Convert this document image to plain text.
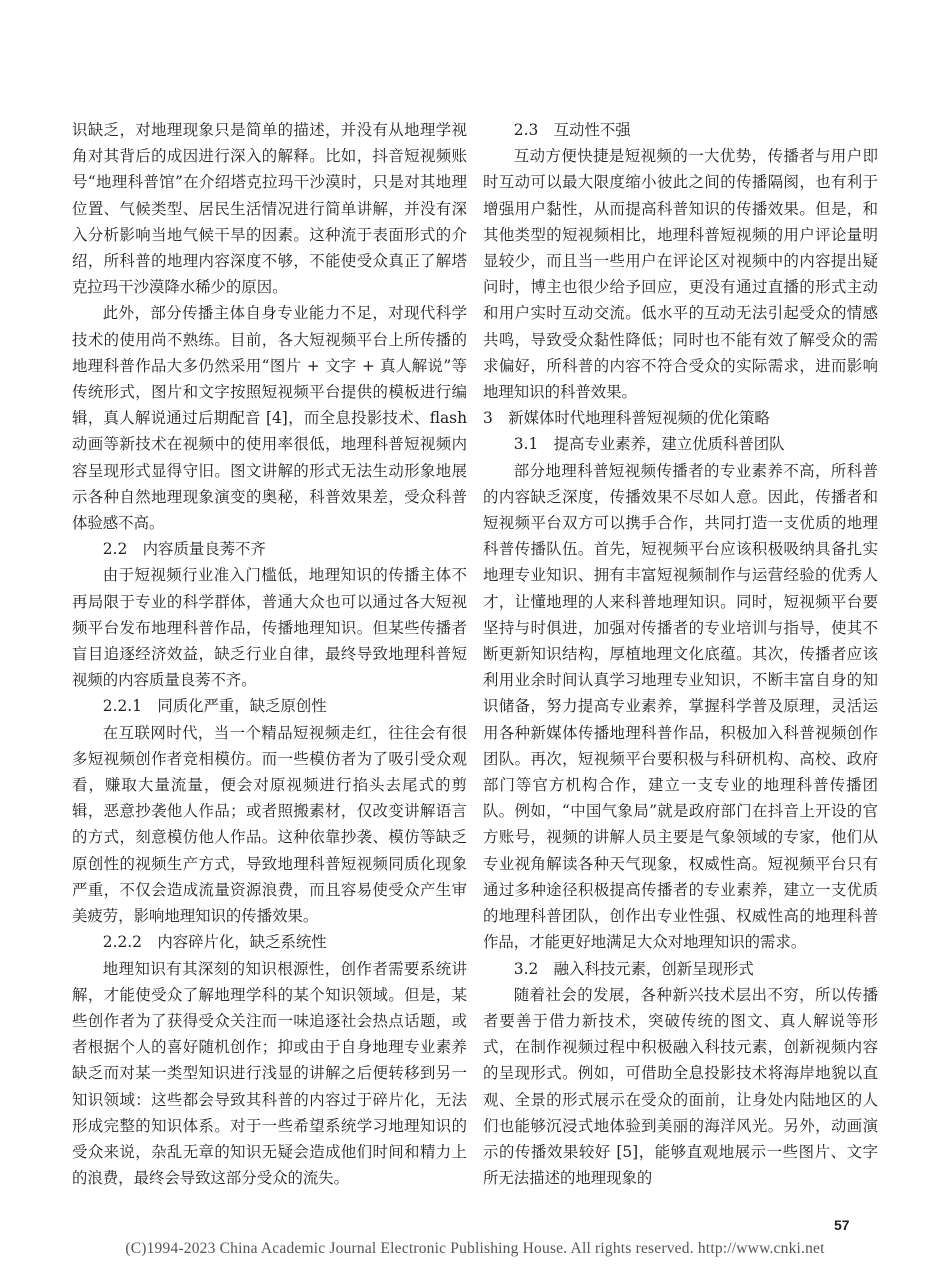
识缺乏，对地理现象只是简单的描述，并没有从地理学视角对其背后的成因进行深入的解释。比如，抖音短视频账号“地理科普馆”在介绍塔克拉玛干沙漠时，只是对其地理位置、气候类型、居民生活情况进行简单讲解，并没有深入分析影响当地气候干旱的因素。这种流于表面形式的介绍，所科普的地理内容深度不够，不能使受众真正了解塔克拉玛干沙漠降水稀少的原因。

此外，部分传播主体自身专业能力不足，对现代科学技术的使用尚不熟练。目前，各大短视频平台上所传播的地理科普作品大多仍然采用“图片 + 文字 + 真人解说”等传统形式，图片和文字按照短视频平台提供的模板进行编辑，真人解说通过后期配音 [4]，而全息投影技术、flash 动画等新技术在视频中的使用率很低，地理科普短视频内容呈现形式显得守旧。图文讲解的形式无法生动形象地展示各种自然地理现象演变的奥秘，科普效果差，受众科普体验感不高。

2.2　内容质量良莠不齐

由于短视频行业准入门槛低，地理知识的传播主体不再局限于专业的科学群体，普通大众也可以通过各大短视频平台发布地理科普作品，传播地理知识。但某些传播者盲目追逐经济效益，缺乏行业自律，最终导致地理科普短视频的内容质量良莠不齐。

2.2.1　同质化严重，缺乏原创性

在互联网时代，当一个精品短视频走红，往往会有很多短视频创作者竞相模仿。而一些模仿者为了吸引受众观看，赚取大量流量，便会对原视频进行掐头去尾式的剪辑，恶意抄袭他人作品；或者照搬素材，仅改变讲解语言的方式，刻意模仿他人作品。这种依靠抄袭、模仿等缺乏原创性的视频生产方式，导致地理科普短视频同质化现象严重，不仅会造成流量资源浪费，而且容易使受众产生审美疲劳，影响地理知识的传播效果。

2.2.2　内容碎片化，缺乏系统性

地理知识有其深刻的知识根源性，创作者需要系统讲解，才能使受众了解地理学科的某个知识领域。但是，某些创作者为了获得受众关注而一味追逐社会热点话题，或者根据个人的喜好随机创作；抑或由于自身地理专业素养缺乏而对某一类型知识进行浅显的讲解之后便转移到另一知识领域：这些都会导致其科普的内容过于碎片化，无法形成完整的知识体系。对于一些希望系统学习地理知识的受众来说，杂乱无章的知识无疑会造成他们时间和精力上的浪费，最终会导致这部分受众的流失。

2.3　互动性不强

互动方便快捷是短视频的一大优势，传播者与用户即时互动可以最大限度缩小彼此之间的传播隔阂，也有利于增强用户黏性，从而提高科普知识的传播效果。但是，和其他类型的短视频相比，地理科普短视频的用户评论量明显较少，而且当一些用户在评论区对视频中的内容提出疑问时，博主也很少给予回应，更没有通过直播的形式主动和用户实时互动交流。低水平的互动无法引起受众的情感共鸣，导致受众黏性降低；同时也不能有效了解受众的需求偏好，所科普的内容不符合受众的实际需求，进而影响地理知识的科普效果。

3　新媒体时代地理科普短视频的优化策略

3.1　提高专业素养，建立优质科普团队

部分地理科普短视频传播者的专业素养不高，所科普的内容缺乏深度，传播效果不尽如人意。因此，传播者和短视频平台双方可以携手合作，共同打造一支优质的地理科普传播队伍。首先，短视频平台应该积极吸纳具备扎实地理专业知识、拥有丰富短视频制作与运营经验的优秀人才，让懂地理的人来科普地理知识。同时，短视频平台要坚持与时俱进，加强对传播者的专业培训与指导，使其不断更新知识结构，厚植地理文化底蕴。其次，传播者应该利用业余时间认真学习地理专业知识，不断丰富自身的知识储备，努力提高专业素养，掌握科学普及原理，灵活运用各种新媒体传播地理科普作品，积极加入科普视频创作团队。再次，短视频平台要积极与科研机构、高校、政府部门等官方机构合作，建立一支专业的地理科普传播团队。例如，“中国气象局”就是政府部门在抖音上开设的官方账号，视频的讲解人员主要是气象领域的专家，他们从专业视角解读各种天气现象，权威性高。短视频平台只有通过多种途径积极提高传播者的专业素养，建立一支优质的地理科普团队，创作出专业性强、权威性高的地理科普作品，才能更好地满足大众对地理知识的需求。

3.2　融入科技元素，创新呈现形式

随着社会的发展，各种新兴技术层出不穷，所以传播者要善于借力新技术，突破传统的图文、真人解说等形式，在制作视频过程中积极融入科技元素，创新视频内容的呈现形式。例如，可借助全息投影技术将海岸地貌以直观、全景的形式展示在受众的面前，让身处内陆地区的人们也能够沉浸式地体验到美丽的海洋风光。另外，动画演示的传播效果较好 [5]，能够直观地展示一些图片、文字所无法描述的地理现象的

57
(C)1994-2023 China Academic Journal Electronic Publishing House. All rights reserved. http://www.cnki.net
